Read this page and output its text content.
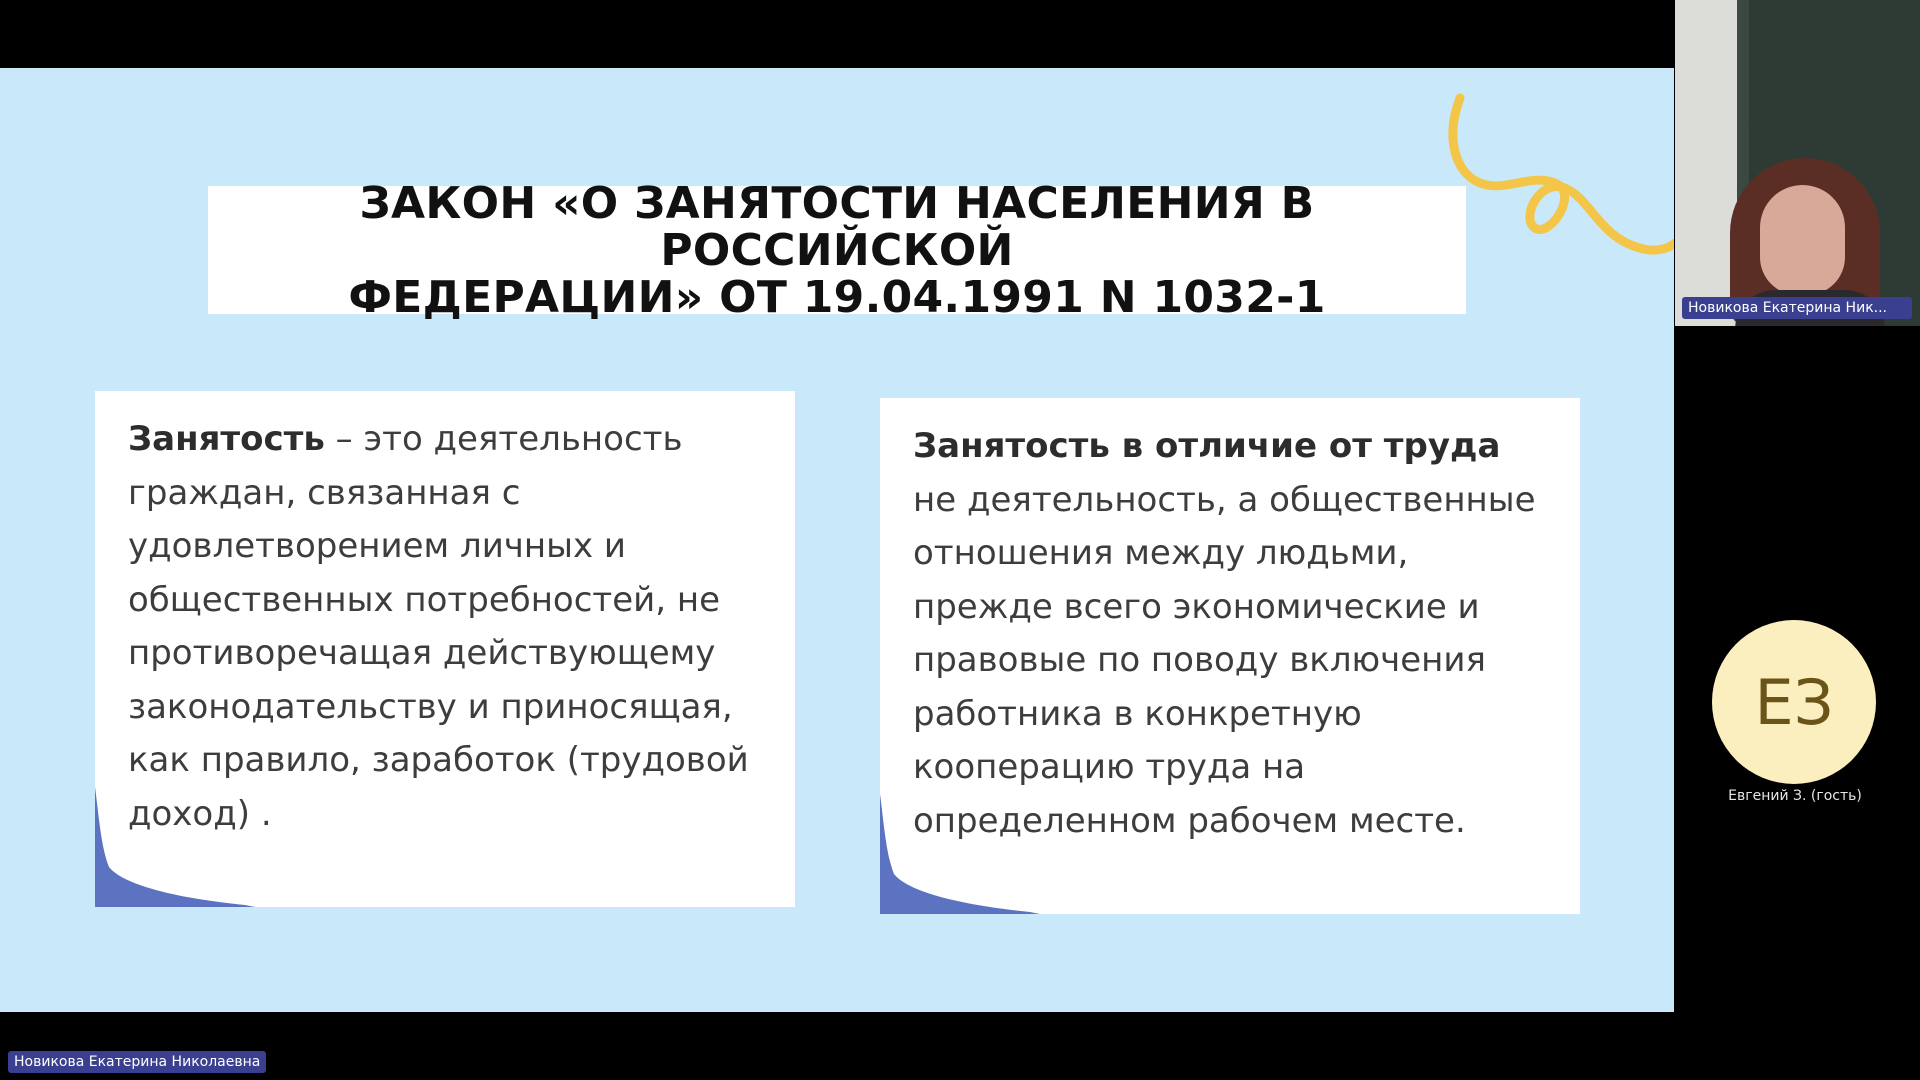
ЗАКОН «О ЗАНЯТОСТИ НАСЕЛЕНИЯ В РОССИЙСКОЙ
ФЕДЕРАЦИИ» ОТ 19.04.1991 N 1032-1

Занятость – это деятельность граждан, связанная с удовлетворением личных и общественных потребностей, не противоречащая действующему законодательству и приносящая, как правило, заработок (трудовой доход) .

Занятость в отличие от труда
не деятельность, а общественные отношения между людьми, прежде всего экономические и правовые по поводу включения работника в конкретную кооперацию труда на определенном рабочем месте.

Новикова Екатерина Ник...
ЕЗ
Евгений З. (гость)
Новикова Екатерина Николаевна
